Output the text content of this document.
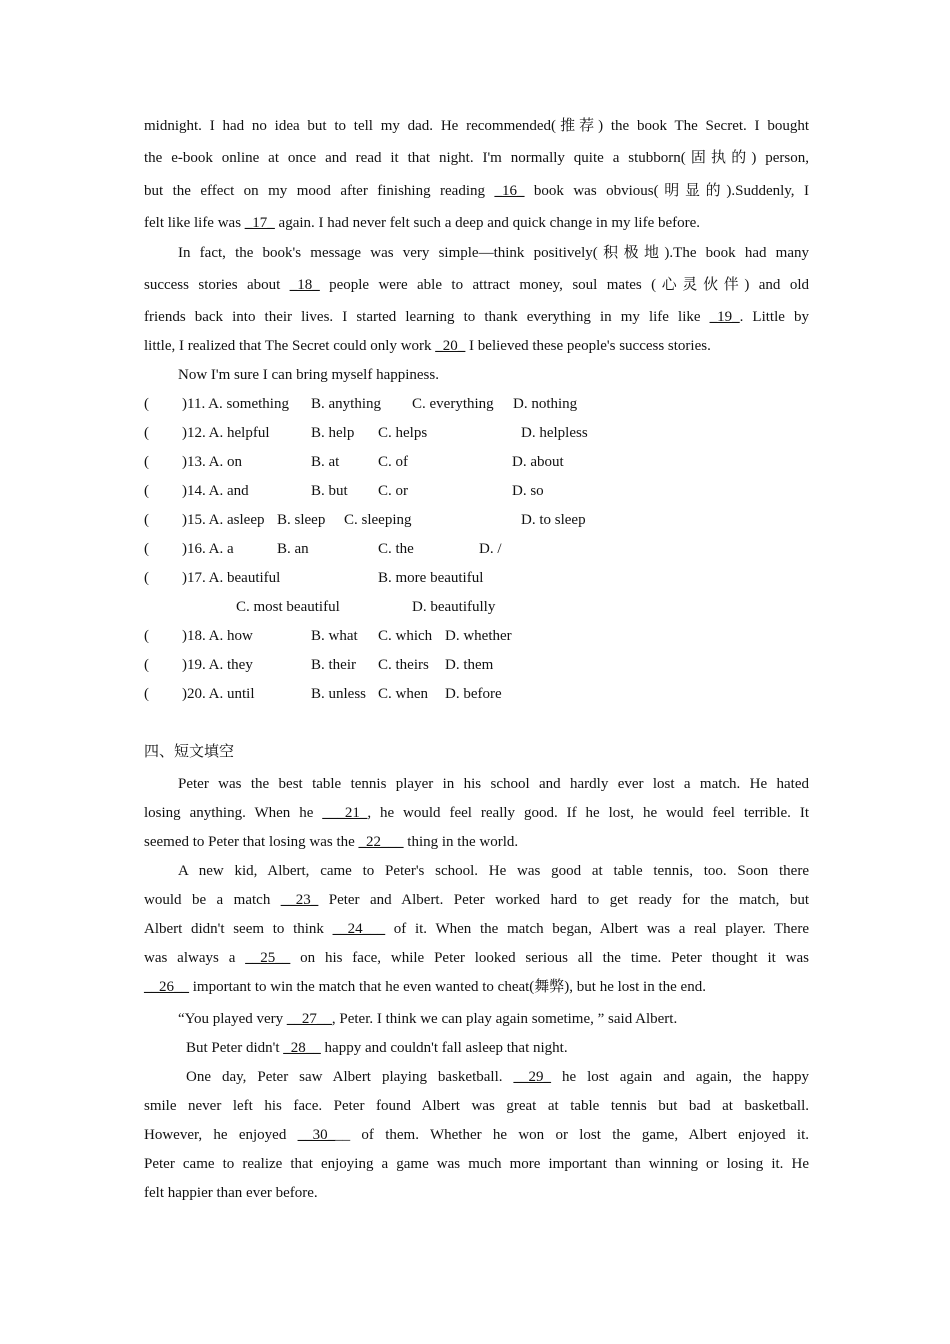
midnight. I had no idea but to tell my dad. He recommended(推荐) the book The Secret. I bought
the e-book online at once and read it that night. I'm normally quite a stubborn(固执的) person,
but the effect on my mood after finishing reading _16_ book was obvious(明显的).Suddenly, I
felt like life was _17_ again. I had never felt such a deep and quick change in my life before.
In fact, the book's message was very simple—think positively(积极地).The book had many
success stories about _18_ people were able to attract money, soul mates (心灵伙伴) and old
friends back into their lives. I started learning to thank everything in my life like _19_. Little by
little, I realized that The Secret could only work _20_ I believed these people's success stories.
Now I'm sure I can bring myself happiness.
( )11. A. something B. anything C. everything D. nothing
( )12. A. helpful	B. help C. helps	D. helpless
( )13. A. on	B. at	C. of	D. about
( )14. A. and	B. but C. or	D. so
( )15. A. asleep B. sleep C. sleeping	D. to sleep
( )16. A. a	B. an	C. the	D. /
( )17. A. beautiful	B. more beautiful
C. most beautiful	D. beautifully
( )18. A. how	B. what C. which D. whether
( )19. A. they	B. their C. theirs D. them
( )20. A. until	B. unless C. when D. before
四、短文填空
Peter was the best table tennis player in his school and hardly ever lost a match. He hated
losing anything. When he ___21_, he would feel really good. If he lost, he would feel terrible. It
seemed to Peter that losing was the _22___ thing in the world.
A new kid, Albert, came to Peter's school. He was good at table tennis, too. Soon there
would be a match __23_ Peter and Albert. Peter worked hard to get ready for the match, but
Albert didn't seem to think __24___ of it. When the match began, Albert was a real player. There
was always a __25__ on his face, while Peter looked serious all the time. Peter thought it was
__26__ important to win the match that he even wanted to cheat(舞弊), but he lost in the end.
“You played very __27__, Peter. I think we can play again sometime, ” said Albert.
But Peter didn't _28__ happy and couldn't fall asleep that night.
One day, Peter saw Albert playing basketball. __29_ he lost again and again, the happy
smile never left his face. Peter found Albert was great at table tennis but bad at basketball.
However, he enjoyed __30___ of them. Whether he won or lost the game, Albert enjoyed it.
Peter came to realize that enjoying a game was much more important than winning or losing it. He
felt happier than ever before.
